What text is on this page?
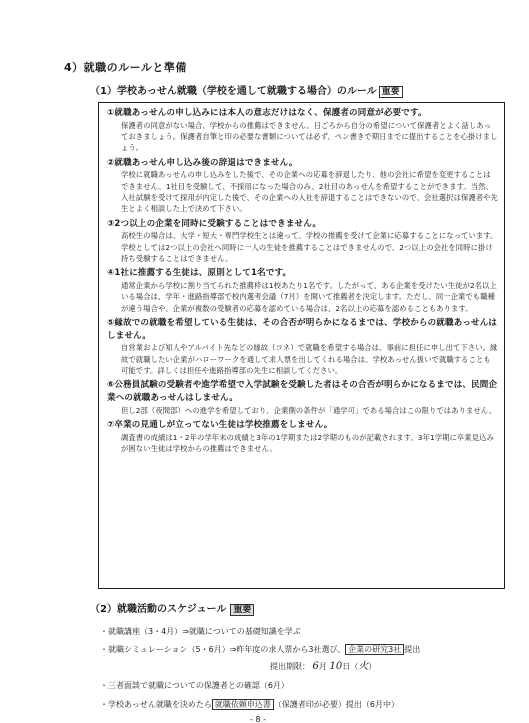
4）就職のルールと準備
（1）学校あっせん就職（学校を通して就職する場合）のルール 重要
①就職あっせんの申し込みには本人の意志だけはなく、保護者の同意が必要です。
保護者の同意がない場合、学校からの推薦はできません。日ごろから自分の希望について保護者とよく話しあっておきましょう。保護者自筆と印の必要な書類については必ず、ペン書きで期日までに提出することを心掛けましょう。
②就職あっせん申し込み後の辞退はできません。
学校に就職あっせんの申し込みをした後で、その企業への応募を辞退したり、他の会社に希望を変更することはできません。1社目を受験して、不採用になった場合のみ、2社目のあっせんを希望することができます。当然、入社試験を受けて採用が内定した後で、その企業への入社を辞退することはできないので、会社選択は保護者や先生とよく相談した上で決めて下さい。
③2つ以上の企業を同時に受験することはできません。
高校生の場合は、大学・短大・専門学校生とは違って、学校の推薦を受けて企業に応募することになっています。学校としては2つ以上の会社へ同時に一人の生徒を推薦することはできませんので、2つ以上の会社を同時に掛け持ち受験することはできません。
④1社に推薦する生徒は、原則として1名です。
通常企業から学校に割り当てられた推薦枠は1校あたり1名です。したがって、ある企業を受けたい生徒が2名以上いる場合は、学年・進路指導部で校内選考会議（7月）を開いて推薦者を決定します。ただし、同一企業でも職種が違う場合や、企業が複数の受験者の応募を認めている場合は、2名以上の応募を認めることもあります。
⑤縁故での就職を希望している生徒は、その合否が明らかになるまでは、学校からの就職あっせんはしません。
自営業および知人やアルバイト先などの縁故（コネ）で就職を希望する場合は、事前に担任に申し出て下さい。縁故で就職したい企業がハローワークを通して求人票を出してくれる場合は、学校あっせん扱いで就職することも可能です。詳しくは担任や進路指導部の先生に相談してください。
⑥公務員試験の受験者や進学希望で入学試験を受験した者はその合否が明らかになるまでは、民間企業への就職あっせんはしません。
但し2部（夜間部）への進学を希望しており、企業側の条件が「通学可」である場合はこの限りではありません。
⑦卒業の見通しが立ってない生徒は学校推薦をしません。
調査書の成績は1・2年の学年末の成績と3年の1学期または2学期のものが記載されます。3年1学期に卒業見込みが困ない生徒は学校からの推薦はできません。
（2）就職活動のスケジュール 重要
・就職講座（3・4月）⇒就職についての基礎知識を学ぶ
・就職シミュレーション（5・6月）⇒昨年度の求人票から3社選び、 企業の研究3社 提出
提出期限： 6月 10日（火）
・三者面談で就職についての保護者との確認（6月）
・学校あっせん就職を決めたら 就職依頼申込書 （保護者印が必要）提出（6月中）
- 8 -
